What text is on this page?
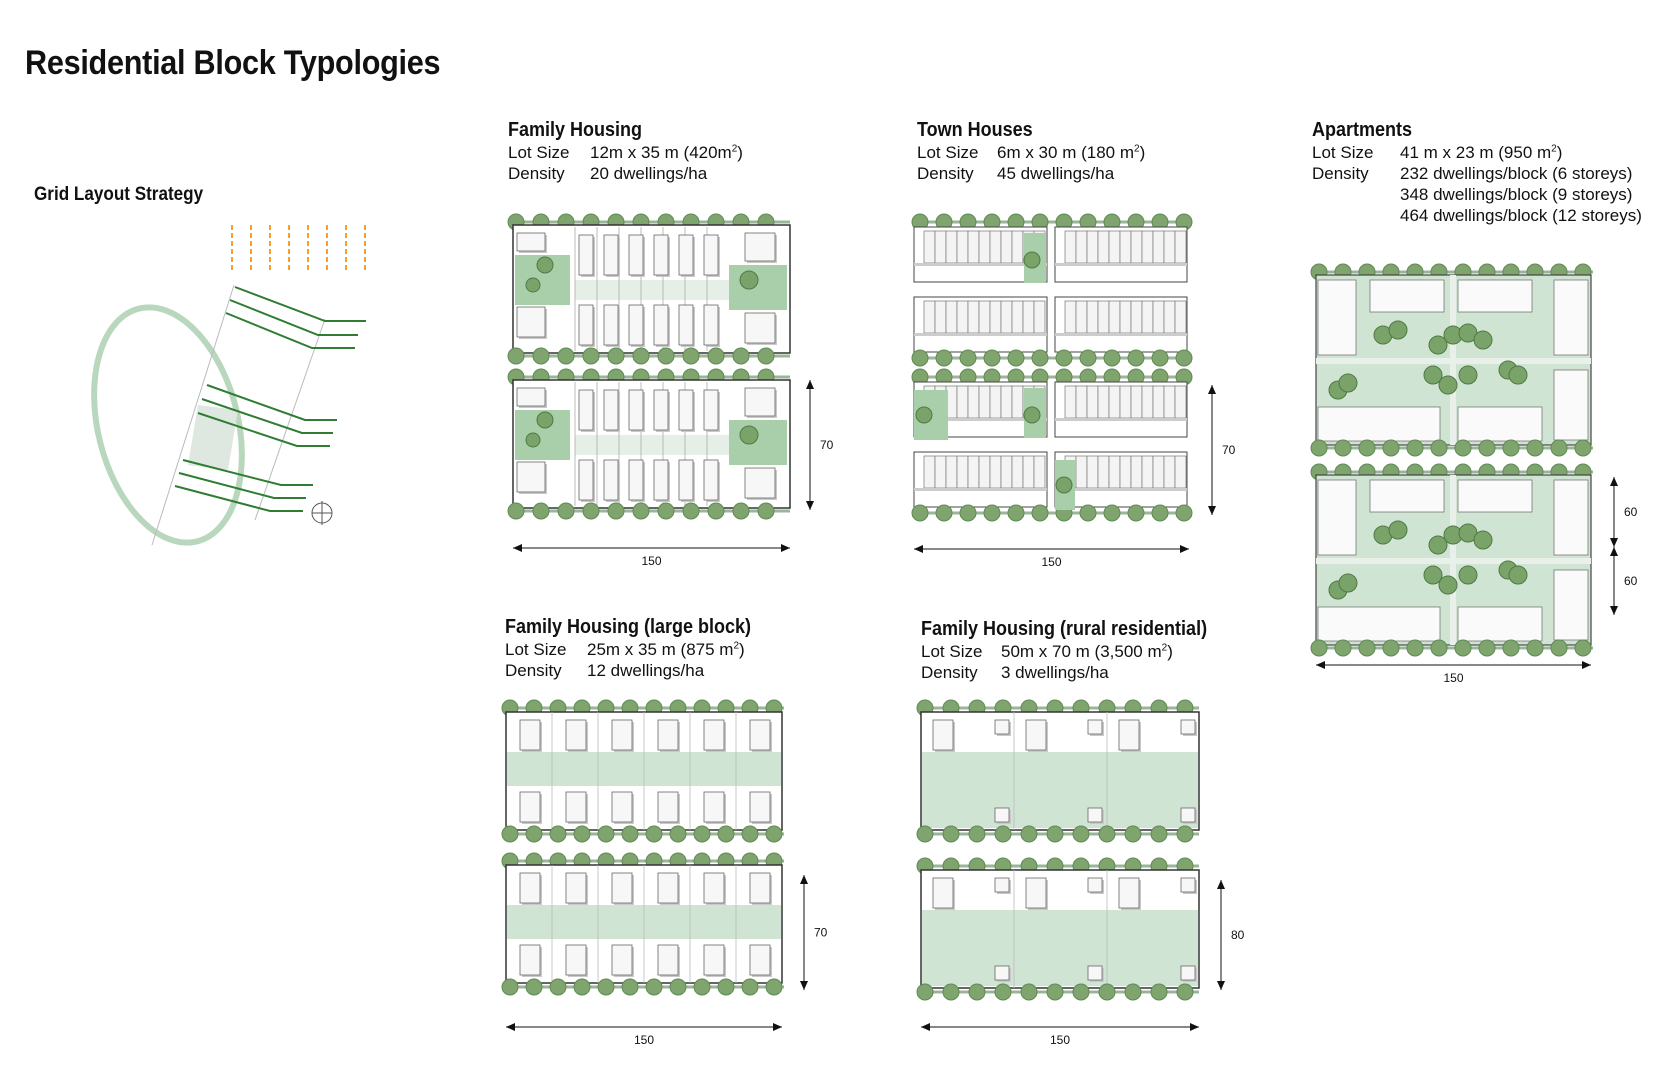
Residential Block Typologies
Grid Layout Strategy
Family Housing
Lot Size 12m x 35 m $(420m^2)$
Density 20 dwellings/ha
Town Houses
Lot Size 6m x 30 m (180 $m^2$)
Density 45 dwellings/ha
Apartments
Lot Size 41 m x 23 m (950 $m^2$)
Density 232 dwellings/block (6 storeys)
348 dwellings/block (9 storeys)
464 dwellings/block (12 storeys)
Family Housing (large block)
Lot Size 25m x 35 m (875 $m^2$)
Density 12 dwellings/ha
Family Housing (rural residential)
Lot Size 50m x 70 m (3,500 $m^2$)
Density 3 dwellings/ha
150
70
150
70
150
60
60
150
70
150
80
